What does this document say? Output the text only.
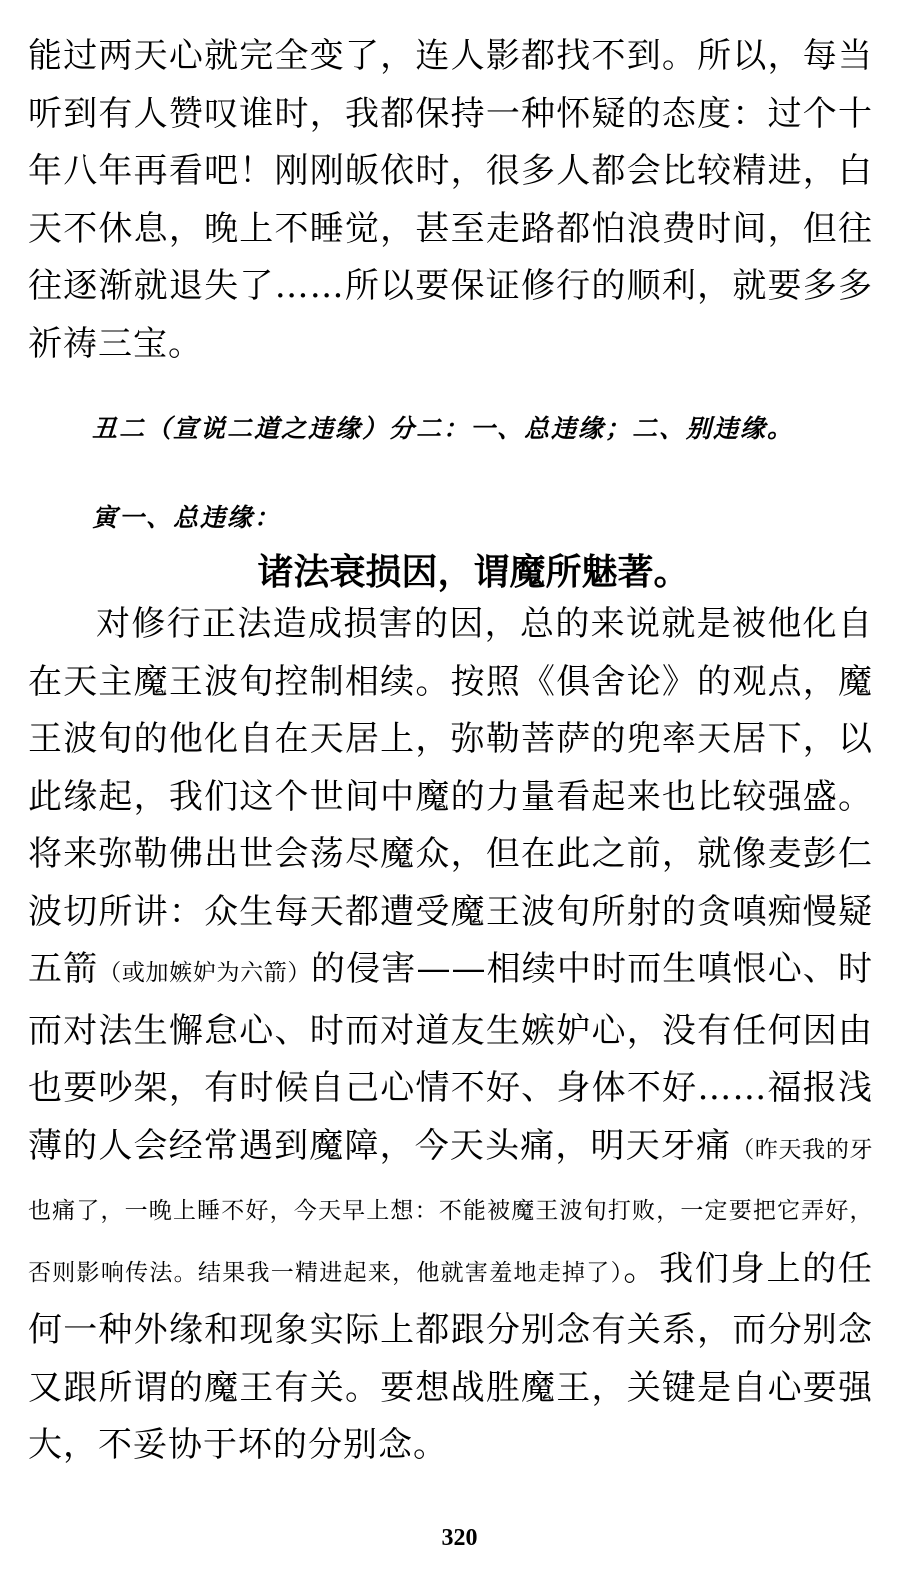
能过两天心就完全变了，连人影都找不到。所以，每当听到有人赞叹谁时，我都保持一种怀疑的态度：过个十年八年再看吧！刚刚皈依时，很多人都会比较精进，白天不休息，晚上不睡觉，甚至走路都怕浪费时间，但往往逐渐就退失了……所以要保证修行的顺利，就要多多祈祷三宝。

丑二（宣说二道之违缘）分二：一、总违缘；二、别违缘。

寅一、总违缘：

诸法衰损因，谓魔所魅著。

对修行正法造成损害的因，总的来说就是被他化自在天主魔王波旬控制相续。按照《俱舍论》的观点，魔王波旬的他化自在天居上，弥勒菩萨的兜率天居下，以此缘起，我们这个世间中魔的力量看起来也比较强盛。将来弥勒佛出世会荡尽魔众，但在此之前，就像麦彭仁波切所讲：众生每天都遭受魔王波旬所射的贪嗔痴慢疑五箭（或加嫉妒为六箭）的侵害——相续中时而生嗔恨心、时而对法生懈怠心、时而对道友生嫉妒心，没有任何因由也要吵架，有时候自己心情不好、身体不好……福报浅薄的人会经常遇到魔障，今天头痛，明天牙痛（昨天我的牙也痛了，一晚上睡不好，今天早上想：不能被魔王波旬打败，一定要把它弄好，否则影响传法。结果我一精进起来，他就害羞地走掉了）。我们身上的任何一种外缘和现象实际上都跟分别念有关系，而分别念又跟所谓的魔王有关。要想战胜魔王，关键是自心要强大，不妥协于坏的分别念。

320
